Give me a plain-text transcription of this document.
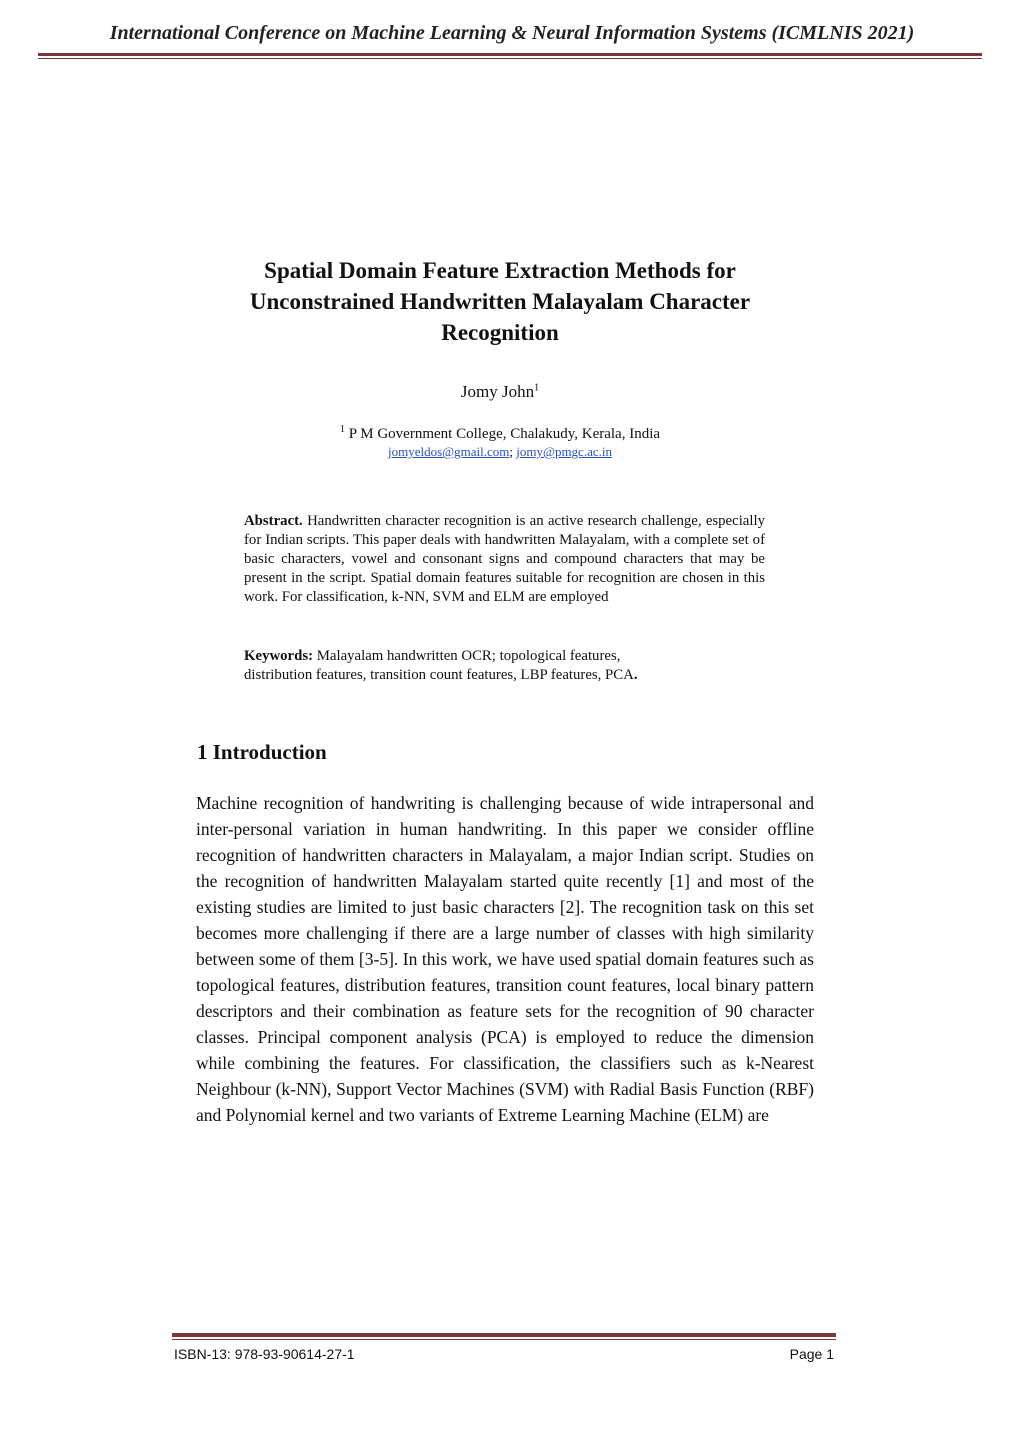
International Conference on Machine Learning & Neural Information Systems (ICMLNIS 2021)
Spatial Domain Feature Extraction Methods for
Unconstrained Handwritten Malayalam Character
Recognition
Jomy John$^1$
$^1$ P M Government College, Chalakudy, Kerala, India
jomyeldos@gmail.com; jomy@pmgc.ac.in
Abstract. Handwritten character recognition is an active research challenge, especially for Indian scripts. This paper deals with handwritten Malayalam, with a complete set of basic characters, vowel and consonant signs and compound characters that may be present in the script. Spatial domain features suitable for recognition are chosen in this work. For classification, k-NN, SVM and ELM are employed
Keywords: Malayalam handwritten OCR; topological features,
distribution features, transition count features, LBP features, PCA.
1 Introduction
Machine recognition of handwriting is challenging because of wide intrapersonal and inter-personal variation in human handwriting. In this paper we consider offline recognition of handwritten characters in Malayalam, a major Indian script. Studies on the recognition of handwritten Malayalam started quite recently [1] and most of the existing studies are limited to just basic characters [2]. The recognition task on this set becomes more challenging if there are a large number of classes with high similarity between some of them [3-5]. In this work, we have used spatial domain features such as topological features, distribution features, transition count features, local binary pattern descriptors and their combination as feature sets for the recognition of 90 character classes. Principal component analysis (PCA) is employed to reduce the dimension while combining the features. For classification, the classifiers such as k-Nearest Neighbour (k-NN), Support Vector Machines (SVM) with Radial Basis Function (RBF) and Polynomial kernel and two variants of Extreme Learning Machine (ELM) are
ISBN-13: 978-93-90614-27-1	Page 1
